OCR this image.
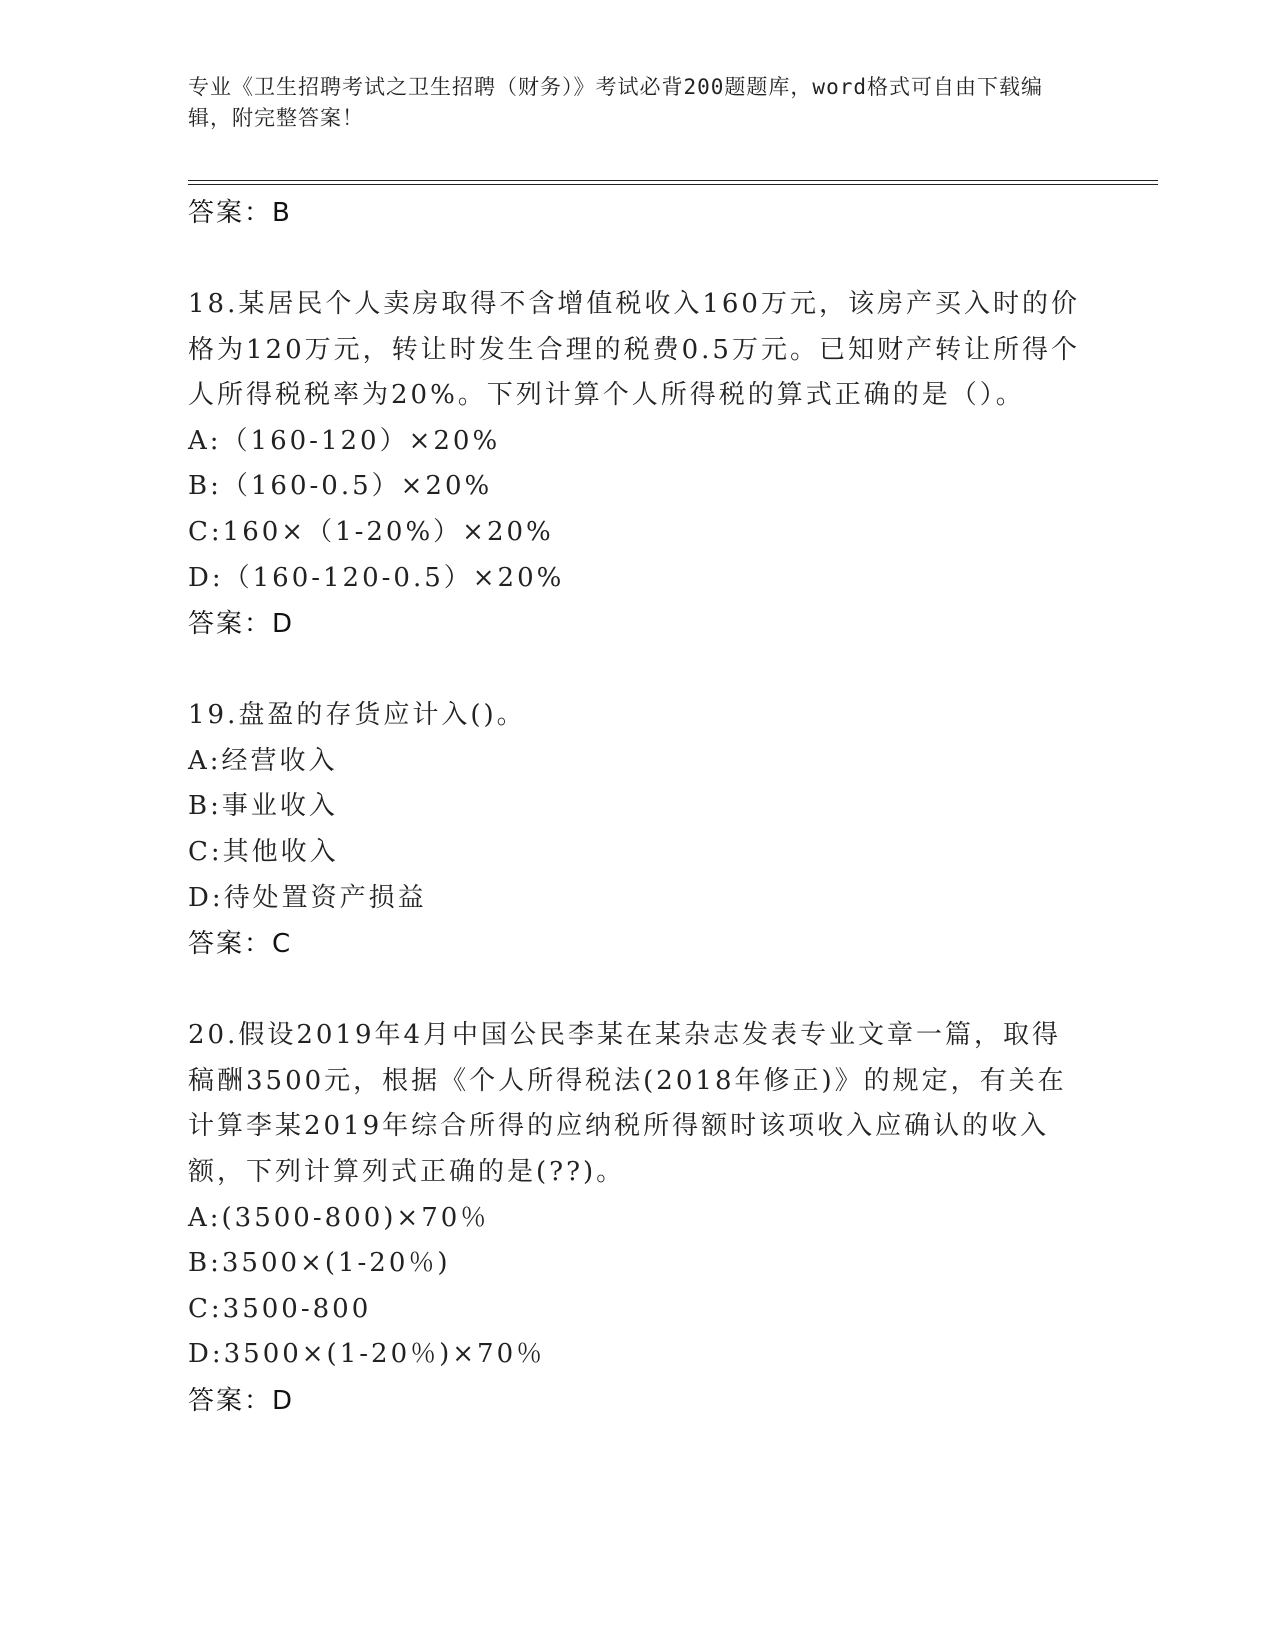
专业《卫生招聘考试之卫生招聘（财务）》考试必背200题题库，word格式可自由下载编辑，附完整答案！
答案：B
18.某居民个人卖房取得不含增值税收入160万元，该房产买入时的价格为120万元，转让时发生合理的税费0.5万元。已知财产转让所得个人所得税税率为20%。下列计算个人所得税的算式正确的是（）。
A:（160-120）×20%
B:（160-0.5）×20%
C:160×（1-20%）×20%
D:（160-120-0.5）×20%
答案：D
19.盘盈的存货应计入()。
A:经营收入
B:事业收入
C:其他收入
D:待处置资产损益
答案：C
20.假设2019年4月中国公民李某在某杂志发表专业文章一篇，取得稿酬3500元，根据《个人所得税法(2018年修正)》的规定，有关在计算李某2019年综合所得的应纳税所得额时该项收入应确认的收入额，下列计算列式正确的是(??)。
A:(3500-800)×70％
B:3500×(1-20％)
C:3500-800
D:3500×(1-20％)×70％
答案：D
